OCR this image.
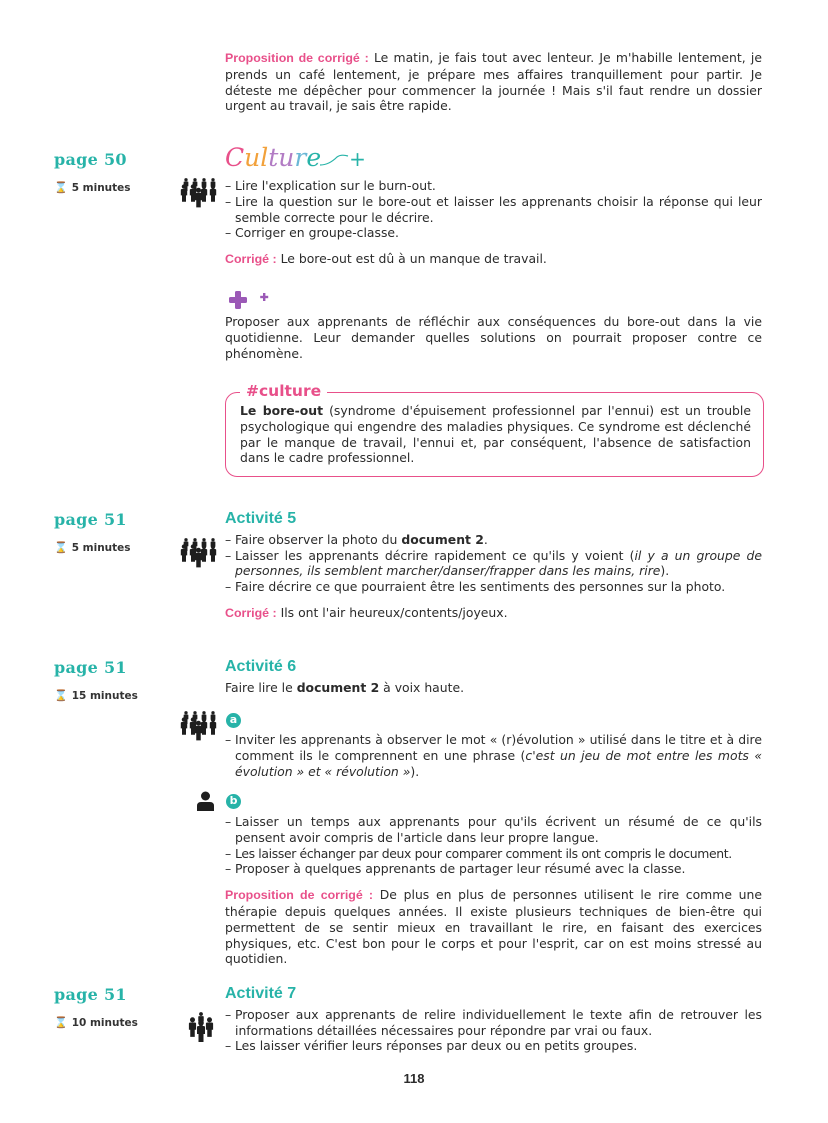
Proposition de corrigé : Le matin, je fais tout avec lenteur. Je m'habille lentement, je prends un café lentement, je prépare mes affaires tranquillement pour partir. Je déteste me dépêcher pour commencer la journée ! Mais s'il faut rendre un dossier urgent au travail, je sais être rapide.

page 50
⌛ 5 minutes
Culture +
– Lire l'explication sur le burn-out.
– Lire la question sur le bore-out et laisser les apprenants choisir la réponse qui leur semble correcte pour le décrire.
– Corriger en groupe-classe.

Corrigé : Le bore-out est dû à un manque de travail.

Proposer aux apprenants de réfléchir aux conséquences du bore-out dans la vie quotidienne. Leur demander quelles solutions on pourrait proposer contre ce phénomène.

#culture

Le bore-out (syndrome d'épuisement professionnel par l'ennui) est un trouble psychologique qui engendre des maladies physiques. Ce syndrome est déclenché par le manque de travail, l'ennui et, par conséquent, l'absence de satisfaction dans le cadre professionnel.

page 51
⌛ 5 minutes
Activité 5
– Faire observer la photo du document 2.
– Laisser les apprenants décrire rapidement ce qu'ils y voient (il y a un groupe de personnes, ils semblent marcher/danser/frapper dans les mains, rire).
– Faire décrire ce que pourraient être les sentiments des personnes sur la photo.

Corrigé : Ils ont l'air heureux/contents/joyeux.

page 51
⌛ 15 minutes
Activité 6

Faire lire le document 2 à voix haute.

a
– Inviter les apprenants à observer le mot « (r)évolution » utilisé dans le titre et à dire comment ils le comprennent en une phrase (c'est un jeu de mot entre les mots « évolution » et « révolution »).
b
– Laisser un temps aux apprenants pour qu'ils écrivent un résumé de ce qu'ils pensent avoir compris de l'article dans leur propre langue.
– Les laisser échanger par deux pour comparer comment ils ont compris le document.
– Proposer à quelques apprenants de partager leur résumé avec la classe.

Proposition de corrigé : De plus en plus de personnes utilisent le rire comme une thérapie depuis quelques années. Il existe plusieurs techniques de bien-être qui permettent de se sentir mieux en travaillant le rire, en faisant des exercices physiques, etc. C'est bon pour le corps et pour l'esprit, car on est moins stressé au quotidien.

page 51
⌛ 10 minutes
Activité 7
– Proposer aux apprenants de relire individuellement le texte afin de retrouver les informations détaillées nécessaires pour répondre par vrai ou faux.
– Les laisser vérifier leurs réponses par deux ou en petits groupes.
118
